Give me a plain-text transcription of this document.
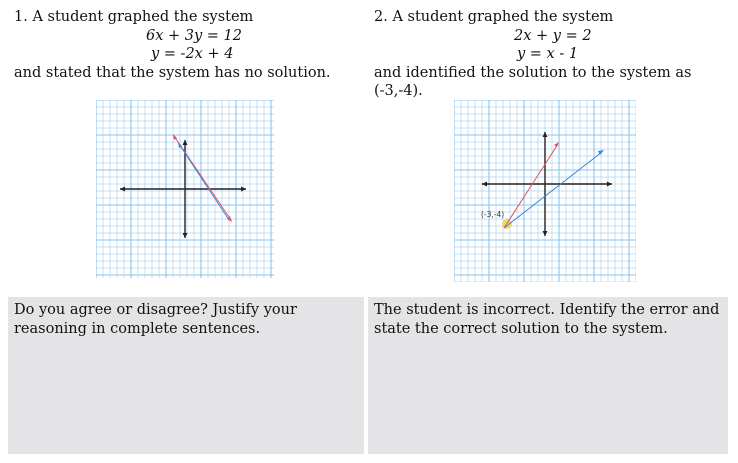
1. A student graphed the system
6x + 3y = 12
y = -2x + 4
and stated that the system has no solution.
2. A student graphed the system
2x + y = 2
y = x - 1
and identified the solution to the system as (-3,-4).
(-3,-4)
Do you agree or disagree? Justify your reasoning in complete sentences.
The student is incorrect. Identify the error and state the correct solution to the system.
